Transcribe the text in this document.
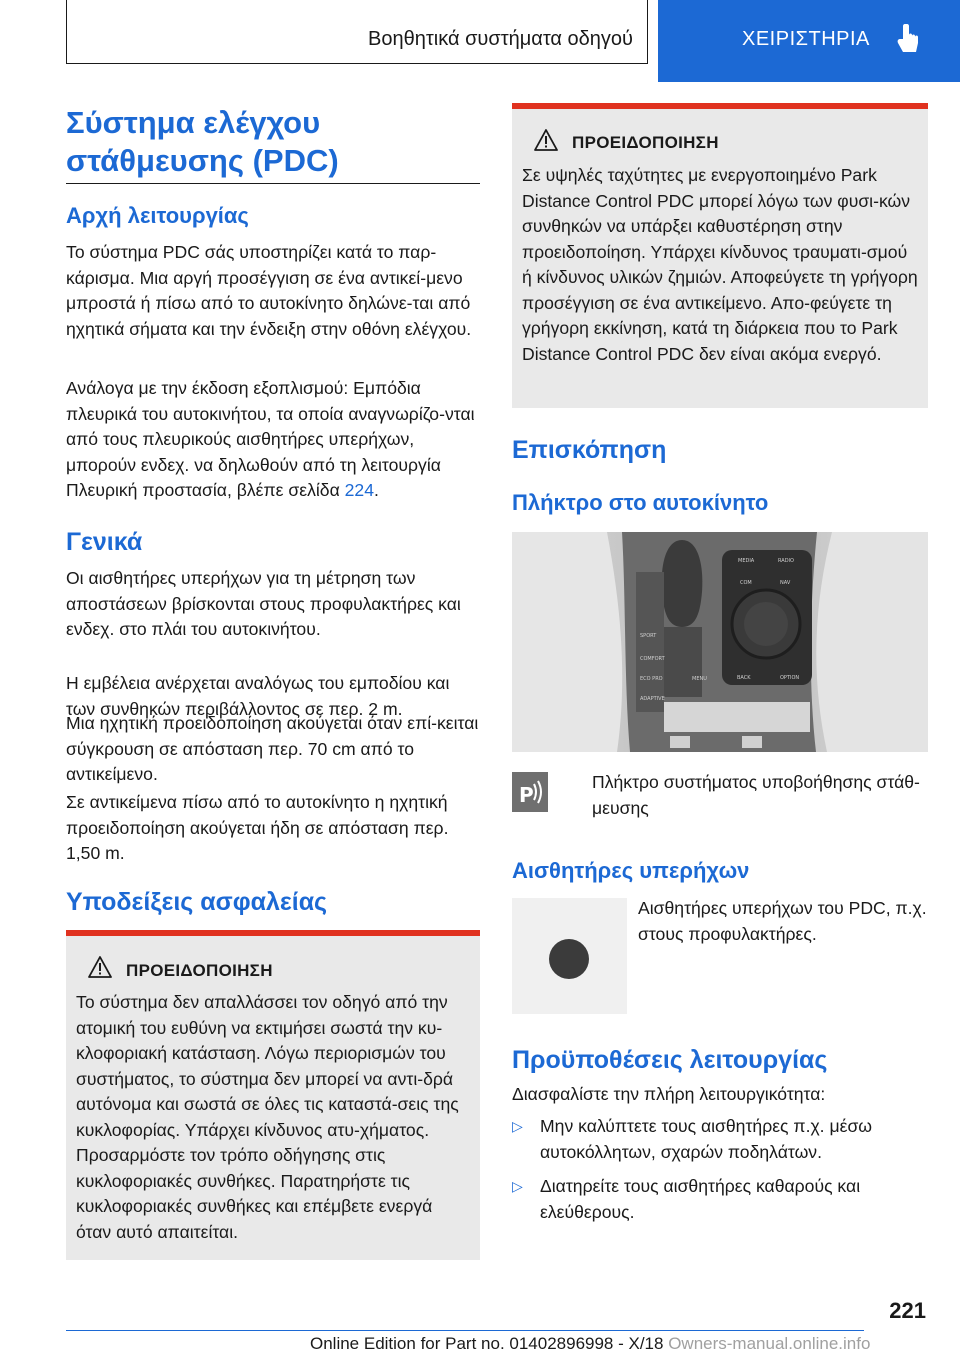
Βοηθητικά συστήματα οδηγού	ΧΕΙΡΙΣΤΗΡΙΑ
Σύστημα ελέγχου
στάθμευσης (PDC)
Αρχή λειτουργίας

Το σύστημα PDC σάς υποστηρίζει κατά το παρ-κάρισμα. Μια αργή προσέγγιση σε ένα αντικεί-μενο μπροστά ή πίσω από το αυτοκίνητο δηλώνε-ται από ηχητικά σήματα και την ένδειξη στην οθόνη ελέγχου.

Ανάλογα με την έκδοση εξοπλισμού: Εμπόδια πλευρικά του αυτοκινήτου, τα οποία αναγνωρίζο-νται από τους πλευρικούς αισθητήρες υπερήχων, μπορούν ενδεχ. να δηλωθούν από τη λειτουργία Πλευρική προστασία, βλέπε σελίδα 224.

Γενικά

Οι αισθητήρες υπερήχων για τη μέτρηση των αποστάσεων βρίσκονται στους προφυλακτήρες και ενδεχ. στο πλάι του αυτοκινήτου.

Η εμβέλεια ανέρχεται αναλόγως του εμποδίου και των συνθηκών περιβάλλοντος σε περ. 2 m.

Μια ηχητική προειδοποίηση ακούγεται όταν επί-κειται σύγκρουση σε απόσταση περ. 70 cm από το αντικείμενο.

Σε αντικείμενα πίσω από το αυτοκίνητο η ηχητική προειδοποίηση ακούγεται ήδη σε απόσταση περ. 1,50 m.

Υποδείξεις ασφαλείας
ΠΡΟΕΙΔΟΠΟΙΗΣΗ

Το σύστημα δεν απαλλάσσει τον οδηγό από την ατομική του ευθύνη να εκτιμήσει σωστά την κυ-κλοφοριακή κατάσταση. Λόγω περιορισμών του συστήματος, το σύστημα δεν μπορεί να αντι-δρά αυτόνομα και σωστά σε όλες τις καταστά-σεις της κυκλοφορίας. Υπάρχει κίνδυνος ατυ-χήματος. Προσαρμόστε τον τρόπο οδήγησης στις κυκλοφοριακές συνθήκες. Παρατηρήστε τις κυκλοφοριακές συνθήκες και επέμβετε ενεργά όταν αυτό απαιτείται.

ΠΡΟΕΙΔΟΠΟΙΗΣΗ

Σε υψηλές ταχύτητες με ενεργοποιημένο Park Distance Control PDC μπορεί λόγω των φυσι-κών συνθηκών να υπάρξει καθυστέρηση στην προειδοποίηση. Υπάρχει κίνδυνος τραυματι-σμού ή κίνδυνος υλικών ζημιών. Αποφεύγετε τη γρήγορη προσέγγιση σε ένα αντικείμενο. Απο-φεύγετε τη γρήγορη εκκίνηση, κατά τη διάρκεια που το Park Distance Control PDC δεν είναι ακόμα ενεργό.

Επισκόπηση
Πλήκτρο στο αυτοκίνητο
MEDIA	RADIO
COM	NAV
BACK	OPTION
SPORT
COMFORT
ECO PRO
ADAPTIVE
MENU
P

Πλήκτρο συστήματος υποβοήθησης στάθ-μευσης

Αισθητήρες υπερήχων

Αισθητήρες υπερήχων του PDC, π.χ. στους προφυλακτήρες.

Προϋποθέσεις λειτουργίας

Διασφαλίστε την πλήρη λειτουργικότητα:

▷ Μην καλύπτετε τους αισθητήρες π.χ. μέσω αυτοκόλλητων, σχαρών ποδηλάτων.

▷ Διατηρείτε τους αισθητήρες καθαρούς και ελεύθερους.

221
Online Edition for Part no. 01402896998 - X/18 Owners-manual.online.info
